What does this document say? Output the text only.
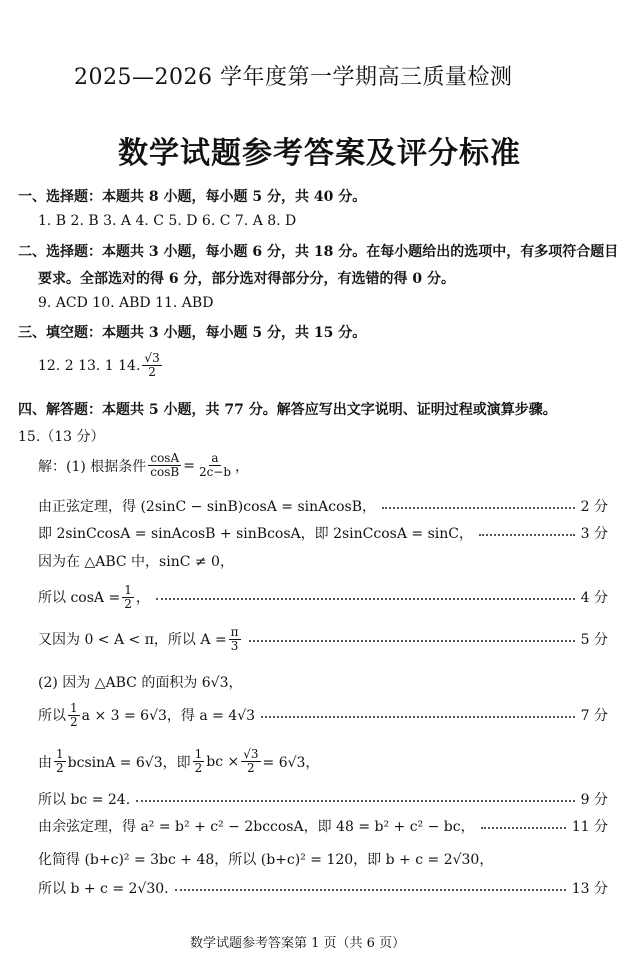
2025—2026 学年度第一学期高三质量检测
数学试题参考答案及评分标准
一、选择题：本题共 8 小题，每小题 5 分，共 40 分。
1. B 2. B 3. A 4. C 5. D 6. C 7. A 8. D
二、选择题：本题共 3 小题，每小题 6 分，共 18 分。在每小题给出的选项中，有多项符合题目
要求。全部选对的得 6 分，部分选对得部分分，有选错的得 0 分。
9. ACD 10. ABD 11. ABD
三、填空题：本题共 3 小题，每小题 5 分，共 15 分。
12. 2 13. 1 14. $\frac{√3}{2}$
四、解答题：本题共 5 小题，共 77 分。解答应写出文字说明、证明过程或演算步骤。
15.（13 分）
解：(1) 根据条件 $\frac{\cos A}{\cos B} = \frac{a}{2c-b}$ ，
由正弦定理，得 (2sinC − sinB)cosA = sinAcosB，	2 分
即 2sinCcosA = sinAcosB + sinBcosA，即 2sinCcosA = sinC，	3 分
因为在 △ABC 中，sinC ≠ 0，
所以 $\cos A = \frac{1}{2}$ ，	4 分
又因为 0 < A < π，所以 $A = \frac{\pi}{3}$	5 分
(2) 因为 △ABC 的面积为 6√3，
所以 $\frac{1}{2}$ a × 3 = 6√3，得 a = 4√3	7 分
由 $\frac{1}{2}$ bcsinA = 6√3，即 $\frac{1}{2}$ bc × $\frac{√3}{2} = 6√3$，
所以 bc = 24.	9 分
由余弦定理，得 a² = b² + c² − 2bccosA，即 48 = b² + c² − bc，	11 分
化简得 (b+c)² = 3bc + 48，所以 (b+c)² = 120，即 b + c = 2√30，
所以 b + c = 2√30.	13 分
数学试题参考答案第 1 页（共 6 页）
